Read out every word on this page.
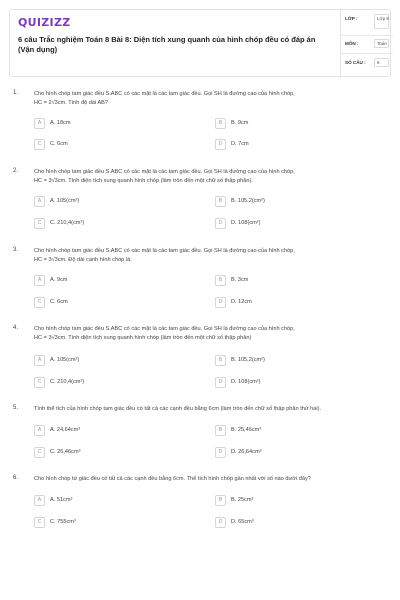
QUIZIZZ
6 câu Trắc nghiệm Toán 8 Bài 8: Diện tích xung quanh của hình chóp đều có đáp án (Vận dụng)
LỚP :	Lớp 8
MÔN :	Toán
SỐ CÂU : 6
1.	Cho hình chóp tam giác đều S.ABC có các mặt là các tam giác đều. Gọi SH là đường cao của hình chóp,
HC = 2√3cm. Tính độ dài AB?
A	A. 18cm	B	B. 9cm
C	C. 6cm	D	D. 7cm
2.	Cho hình chóp tam giác đều S.ABC có các mặt là các tam giác đều. Gọi SH là đường cao của hình chóp,
HC = 3√3cm. Tính diện tích xung quanh hình chóp (làm tròn đến một chữ số thập phân).
A	A. 105(cm²)	B	B. 105,2(cm²)
C	C. 210,4(cm²)	D	D. 108(cm²)
3.	Cho hình chóp tam giác đều S.ABC có các mặt là các tam giác đều. Gọi SH là đường cao của hình chóp,
HC = 3√3cm. Độ dài cạnh hình chóp là:
A	A. 9cm	B	B. 3cm
C	C. 6cm	D	D. 12cm
4.	Cho hình chóp tam giác đều S.ABC có các mặt là các tam giác đều. Gọi SH là đường cao của hình chóp,
HC = 3√3cm. Tính diện tích xung quanh hình chóp (làm tròn đến một chữ số thập phân)
A	A. 105(cm²)	B	B. 105,2(cm²)
C	C. 210,4(cm²)	D	D. 108(cm²)
5.	Tính thể tích của hình chóp tam giác đều có tất cả các cạnh đều bằng 6cm (làm tròn đến chữ số thập phân thứ hai).
A	A. 24,64cm³	B	B. 25,46cm³
C	C. 26,46cm³	D	D. 26,64cm³
6.	Cho hình chóp tứ giác đều có tất cả các cạnh đều bằng 6cm. Thể tích hình chóp gần nhất với số nào dưới đây?
A	A. 51cm³	B	B. 25cm³
C	C. 755cm³	D	D. 65cm³
